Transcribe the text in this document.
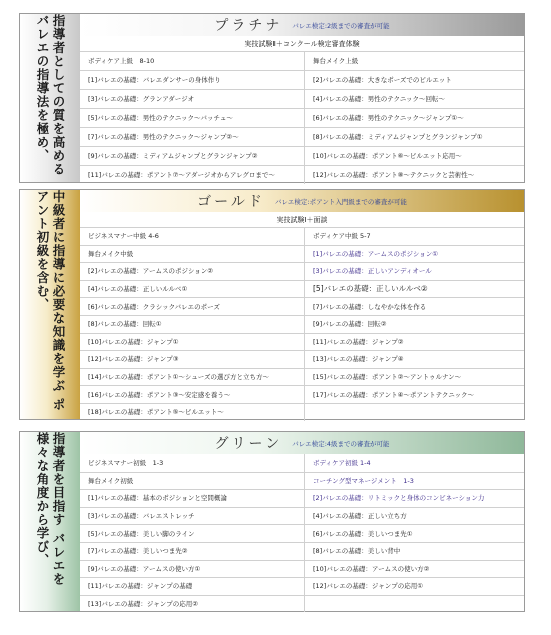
指導者としての質を高める バレエの指導法を極め、	プラチナ バレエ検定:2級までの審査が可能
実技試験Ⅱ＋コンクール検定審査体験
ボディケア上級　8-10	舞台メイク上級
[1]バレエの基礎：バレエダンサーの身体作り	[2]バレエの基礎：大きなポーズでのピルエット
[3]バレエの基礎：グランアダージオ	[4]バレエの基礎：男性のテクニック〜回転〜
[5]バレエの基礎：男性のテクニック〜バッチュ〜	[6]バレエの基礎：男性のテクニック〜ジャンプ①〜
[7]バレエの基礎：男性のテクニック〜ジャンプ②〜	[8]バレエの基礎：ミディアムジャンプとグランジャンプ①
[9]バレエの基礎：ミディアムジャンプとグランジャンプ②	[10]バレエの基礎：ポアント⑥〜ピルエット応用〜
[11]バレエの基礎：ポアント⑦〜アダージオからアレグロまで〜	[12]バレエの基礎：ポアント⑧〜テクニックと芸術性〜
中級者に指導に必要な知識を学ぶ ポアント初級を含む、	ゴールド バレエ検定:ポアント入門級までの審査が可能
実技試験Ⅰ＋面談
ビジネスマナー中級 4-6	ボディケア中級 5-7
舞台メイク中級	[1]バレエの基礎：アームスのポジション①
[2]バレエの基礎：アームスのポジション②	[3]バレエの基礎：正しいアンディオール
[4]バレエの基礎：正しいルルベ①	[5]バレエの基礎：正しいルルベ②
[6]バレエの基礎：クラシックバレエのポーズ	[7]バレエの基礎：しなやかな体を作る
[8]バレエの基礎：回転①	[9]バレエの基礎：回転②
[10]バレエの基礎：ジャンプ①	[11]バレエの基礎：ジャンプ②
[12]バレエの基礎：ジャンプ③	[13]バレエの基礎：ジャンプ④
[14]バレエの基礎：ポアント①〜シューズの選び方と立ち方〜	[15]バレエの基礎：ポアント②〜アントゥルナン〜
[16]バレエの基礎：ポアント③〜安定感を養う〜	[17]バレエの基礎：ポアント④〜ポアントテクニック〜
[18]バレエの基礎：ポアント⑤〜ピルエット〜
指導者を目指す バレエを様々な角度から学び、	グリーン バレエ検定:4級までの審査が可能
ビジネスマナー初級　1-3	ボディケア初級 1-4
舞台メイク初級	コーチング型マネージメント　1-3
[1]バレエの基礎：基本のポジションと空間概論	[2]バレエの基礎：リトミックと身体のコンビネーション力
[3]バレエの基礎：バレエストレッチ	[4]バレエの基礎：正しい立ち方
[5]バレエの基礎：美しい脚のライン	[6]バレエの基礎：美しいつま先①
[7]バレエの基礎：美しいつま先②	[8]バレエの基礎：美しい背中
[9]バレエの基礎：アームスの使い方①	[10]バレエの基礎：アームスの使い方②
[11]バレエの基礎：ジャンプの基礎	[12]バレエの基礎：ジャンプの応用①
[13]バレエの基礎：ジャンプの応用②
